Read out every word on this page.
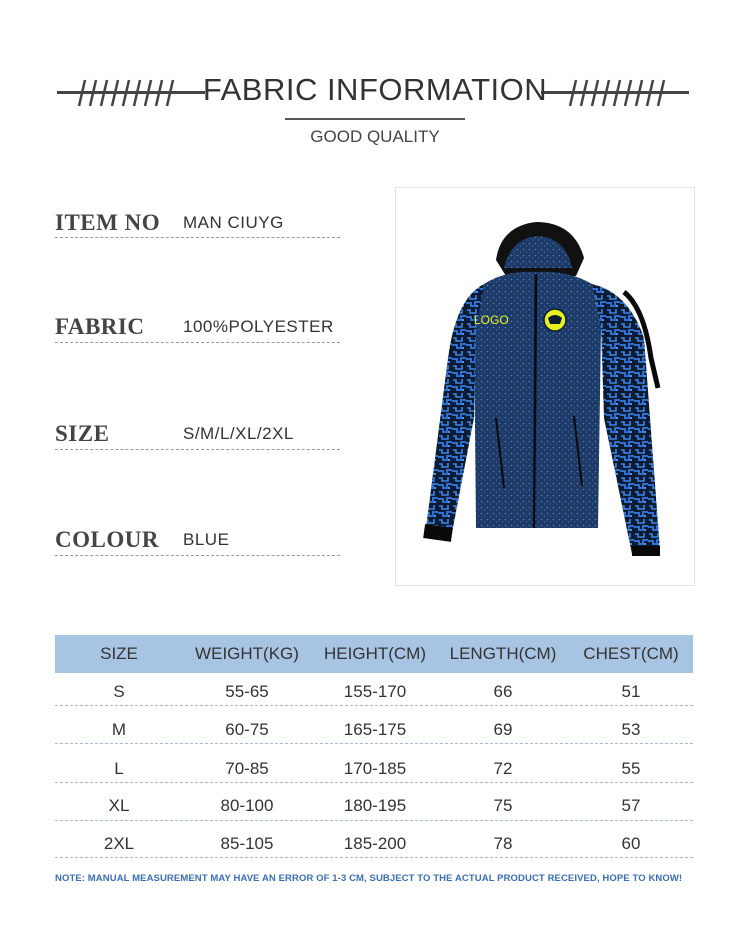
FABRIC INFORMATION
GOOD QUALITY
ITEM NO MAN CIUYG
FABRIC 100%POLYESTER
SIZE	S/M/L/XL/2XL
COLOUR BLUE
LOGO
SIZE	WEIGHT(KG) HEIGHT(CM) LENGTH(CM) CHEST(CM)
S	55-65	155-170	66	51
M	60-75	165-175	69	53
L	70-85	170-185	72	55
XL	80-100	180-195	75	57
2XL	85-105	185-200	78	60
NOTE: MANUAL MEASUREMENT MAY HAVE AN ERROR OF 1-3 CM, SUBJECT TO THE ACTUAL PRODUCT RECEIVED, HOPE TO KNOW!
